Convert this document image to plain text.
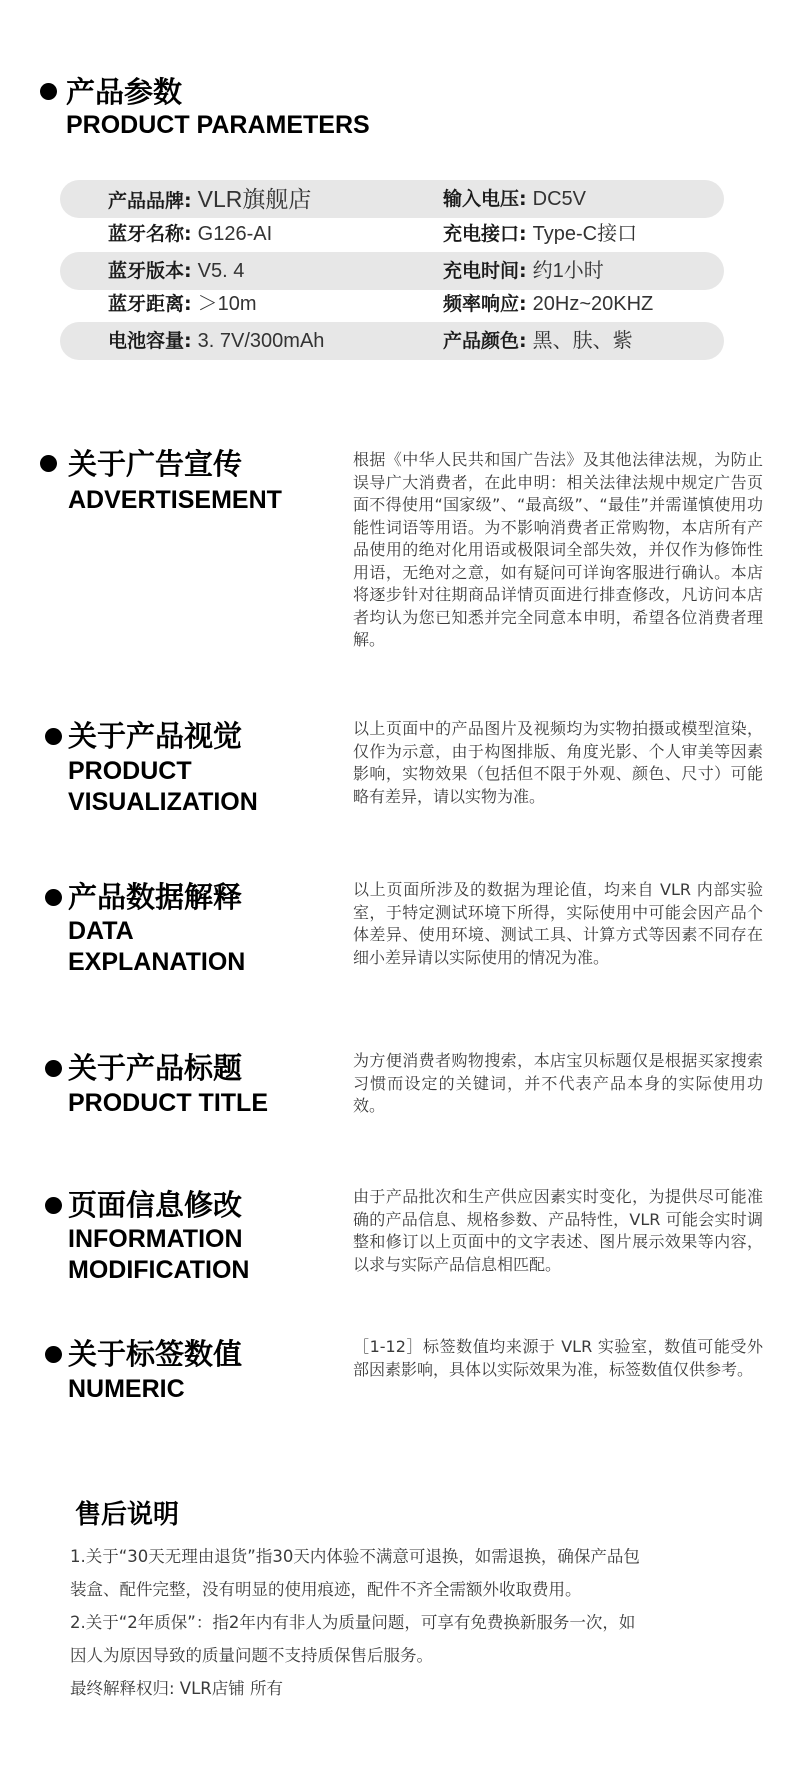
产品参数
PRODUCT PARAMETERS
产品品牌: VLR旗舰店	输入电压: DC5V
蓝牙名称: G126-AI	充电接口: Type-C接口
蓝牙版本: V5. 4	充电时间: 约1小时
蓝牙距离: ＞10m	频率响应: 20Hz~20KHZ
电池容量: 3. 7V/300mAh	产品颜色: 黑、肤、紫
关于广告宣传
ADVERTISEMENT
根据《中华人民共和国广告法》及其他法律法规，为防止误导广大消费者，在此申明：相关法律法规中规定广告页面不得使用“国家级”、“最高级”、“最佳”并需谨慎使用功能性词语等用语。为不影响消费者正常购物，本店所有产品使用的绝对化用语或极限词全部失效，并仅作为修饰性用语，无绝对之意，如有疑问可详询客服进行确认。本店将逐步针对往期商品详情页面进行排查修改，凡访问本店者均认为您已知悉并完全同意本申明，希望各位消费者理解。
关于产品视觉
PRODUCT
VISUALIZATION
以上页面中的产品图片及视频均为实物拍摄或模型渲染，仅作为示意，由于构图排版、角度光影、个人审美等因素影响，实物效果（包括但不限于外观、颜色、尺寸）可能略有差异，请以实物为准。
产品数据解释
DATA
EXPLANATION
以上页面所涉及的数据为理论值，均来自 VLR 内部实验室，于特定测试环境下所得，实际使用中可能会因产品个体差异、使用环境、测试工具、计算方式等因素不同存在细小差异请以实际使用的情况为准。
关于产品标题
PRODUCT TITLE
为方便消费者购物搜索，本店宝贝标题仅是根据买家搜索习惯而设定的关键词，并不代表产品本身的实际使用功效。
页面信息修改
INFORMATION
MODIFICATION
由于产品批次和生产供应因素实时变化，为提供尽可能准确的产品信息、规格参数、产品特性，VLR 可能会实时调整和修订以上页面中的文字表述、图片展示效果等内容，以求与实际产品信息相匹配。
关于标签数值
NUMERIC
［1-12］标签数值均来源于 VLR 实验室，数值可能受外部因素影响，具体以实际效果为准，标签数值仅供参考。
售后说明
1.关于“30天无理由退货”指30天内体验不满意可退换，如需退换，确保产品包
装盒、配件完整，没有明显的使用痕迹，配件不齐全需额外收取费用。
2.关于“2年质保”：指2年内有非人为质量问题，可享有免费换新服务一次，如
因人为原因导致的质量问题不支持质保售后服务。
最终解释权归: VLR店铺 所有
